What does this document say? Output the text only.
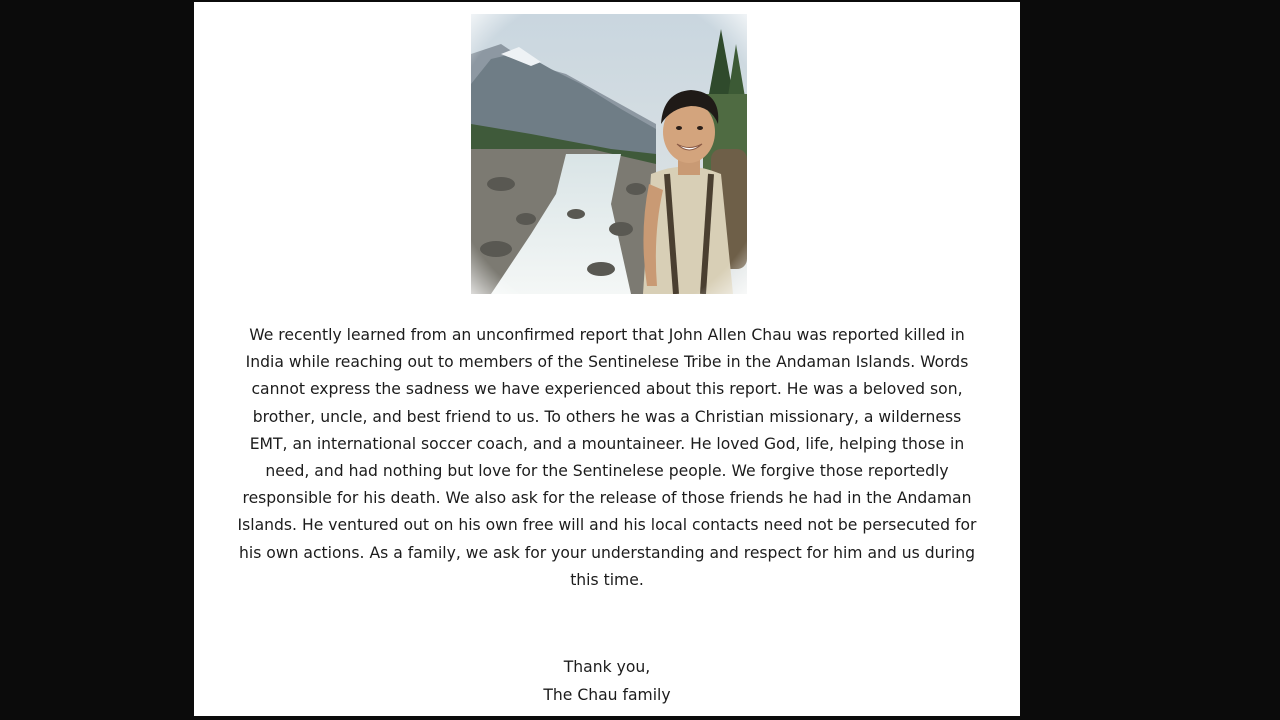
We recently learned from an unconfirmed report that John Allen Chau was reported killed in India while reaching out to members of the Sentinelese Tribe in the Andaman Islands. Words cannot express the sadness we have experienced about this report. He was a beloved son, brother, uncle, and best friend to us. To others he was a Christian missionary, a wilderness EMT, an international soccer coach, and a mountaineer. He loved God, life, helping those in need, and had nothing but love for the Sentinelese people. We forgive those reportedly responsible for his death. We also ask for the release of those friends he had in the Andaman Islands. He ventured out on his own free will and his local contacts need not be persecuted for his own actions. As a family, we ask for your understanding and respect for him and us during this time.

Thank you,
The Chau family
